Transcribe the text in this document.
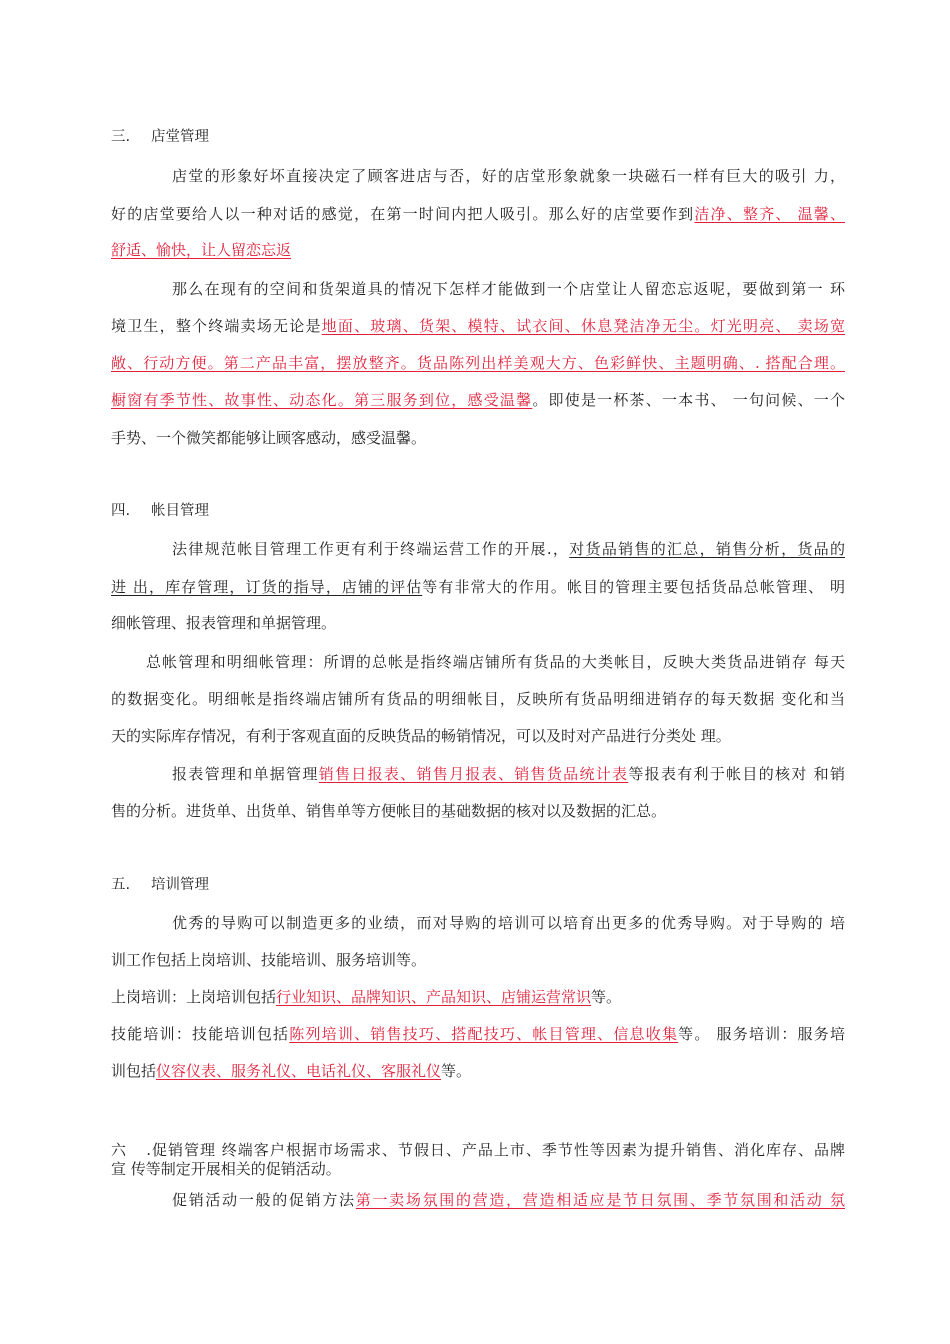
三. 店堂管理
店堂的形象好坏直接决定了顾客进店与否，好的店堂形象就象一块磁石一样有巨大的吸引 力，
好的店堂要给人以一种对话的感觉，在第一时间内把人吸引。那么好的店堂要作到洁净、整齐、 温馨、
舒适、愉快，让人留恋忘返
那么在现有的空间和货架道具的情况下怎样才能做到一个店堂让人留恋忘返呢，要做到第一 环
境卫生，整个终端卖场无论是地面、玻璃、货架、模特、试衣间、休息凳洁净无尘。灯光明亮、 卖场宽
敞、行动方便。第二产品丰富，摆放整齐。货品陈列出样美观大方、色彩鲜快、主题明确、. 搭配合理。
橱窗有季节性、故事性、动态化。第三服务到位，感受温馨。即使是一杯茶、一本书、 一句问候、一个
手势、一个微笑都能够让顾客感动，感受温馨。
四. 帐目管理
法律规范帐目管理工作更有利于终端运营工作的开展.，对货品销售的汇总，销售分析，货品的
进 出，库存管理，订货的指导，店铺的评估等有非常大的作用。帐目的管理主要包括货品总帐管理、 明
细帐管理、报表管理和单据管理。
总帐管理和明细帐管理：所谓的总帐是指终端店铺所有货品的大类帐目，反映大类货品进销存 每天
的数据变化。明细帐是指终端店铺所有货品的明细帐目，反映所有货品明细进销存的每天数据 变化和当
天的实际库存情况，有利于客观直面的反映货品的畅销情况，可以及时对产品进行分类处 理。
报表管理和单据管理销售日报表、销售月报表、销售货品统计表等报表有利于帐目的核对 和销
售的分析。进货单、出货单、销售单等方便帐目的基础数据的核对以及数据的汇总。
五. 培训管理
优秀的导购可以制造更多的业绩，而对导购的培训可以培育出更多的优秀导购。对于导购的 培
训工作包括上岗培训、技能培训、服务培训等。
上岗培训：上岗培训包括行业知识、品牌知识、产品知识、店铺运营常识等。
技能培训：技能培训包括陈列培训、销售技巧、搭配技巧、帐目管理、信息收集等。 服务培训：服务培
训包括仪容仪表、服务礼仪、电话礼仪、客服礼仪等。
六.促销管理 终端客户根据市场需求、节假日、产品上市、季节性等因素为提升销售、消化库存、品牌
宣 传等制定开展相关的促销活动。
促销活动一般的促销方法第一卖场氛围的营造，营造相适应是节日氛围、季节氛围和活动 氛
